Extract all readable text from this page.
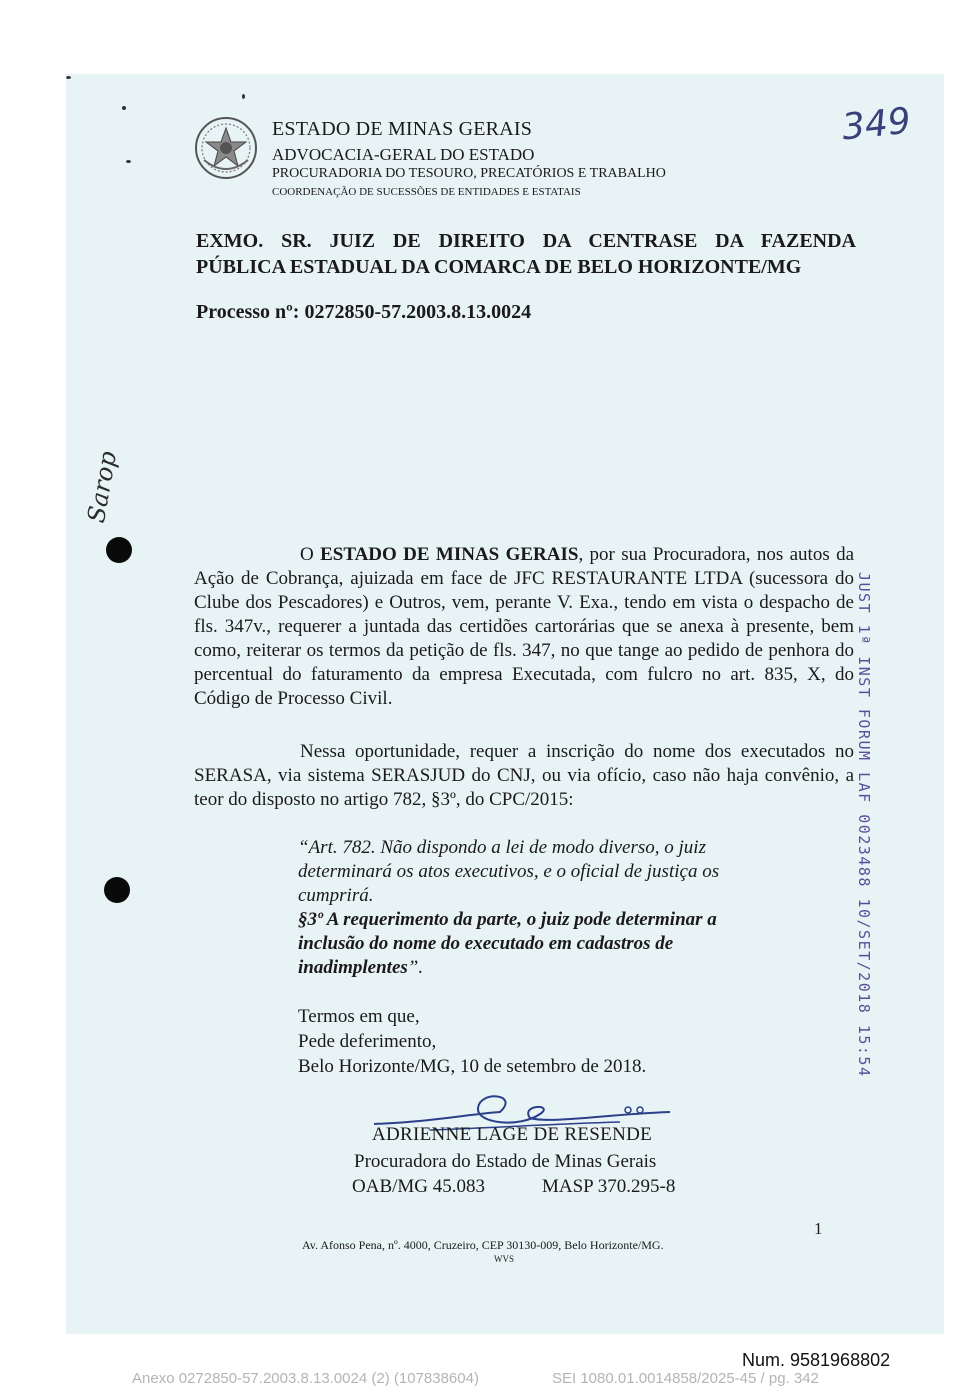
ESTADO DE MINAS GERAIS
ADVOCACIA-GERAL DO ESTADO
PROCURADORIA DO TESOURO, PRECATÓRIOS E TRABALHO
COORDENAÇÃO DE SUCESSÕES DE ENTIDADES E ESTATAIS
349
EXMO. SR. JUIZ DE DIREITO DA CENTRASE DA FAZENDA
PÚBLICA ESTADUAL DA COMARCA DE BELO HORIZONTE/MG
Processo nº: 0272850-57.2003.8.13.0024
Sarop
O ESTADO DE MINAS GERAIS, por sua Procuradora, nos autos da Ação de Cobrança, ajuizada em face de JFC RESTAURANTE LTDA (sucessora do Clube dos Pescadores) e Outros, vem, perante V. Exa., tendo em vista o despacho de fls. 347v., requerer a juntada das certidões cartorárias que se anexa à presente, bem como, reiterar os termos da petição de fls. 347, no que tange ao pedido de penhora do percentual do faturamento da empresa Executada, com fulcro no art. 835, X, do Código de Processo Civil.
Nessa oportunidade, requer a inscrição do nome dos executados no SERASA, via sistema SERASJUD do CNJ, ou via ofício, caso não haja convênio, a teor do disposto no artigo 782, §3º, do CPC/2015:
“Art. 782. Não dispondo a lei de modo diverso, o juiz determinará os atos executivos, e o oficial de justiça os cumprirá.
§3º A requerimento da parte, o juiz pode determinar a inclusão do nome do executado em cadastros de inadimplentes”.
Termos em que,
Pede deferimento,
Belo Horizonte/MG, 10 de setembro de 2018.
ADRIENNE LAGE DE RESENDE
Procuradora do Estado de Minas Gerais
OAB/MG 45.083	MASP 370.295-8
1
Av. Afonso Pena, nº. 4000, Cruzeiro, CEP 30130-009, Belo Horizonte/MG.
WVS
JUST 1ª INST FORUM LAF 0023488 10/SET/2018 15:54
Num. 9581968802
Anexo 0272850-57.2003.8.13.0024 (2) (107838604)	SEI 1080.01.0014858/2025-45 / pg. 342
